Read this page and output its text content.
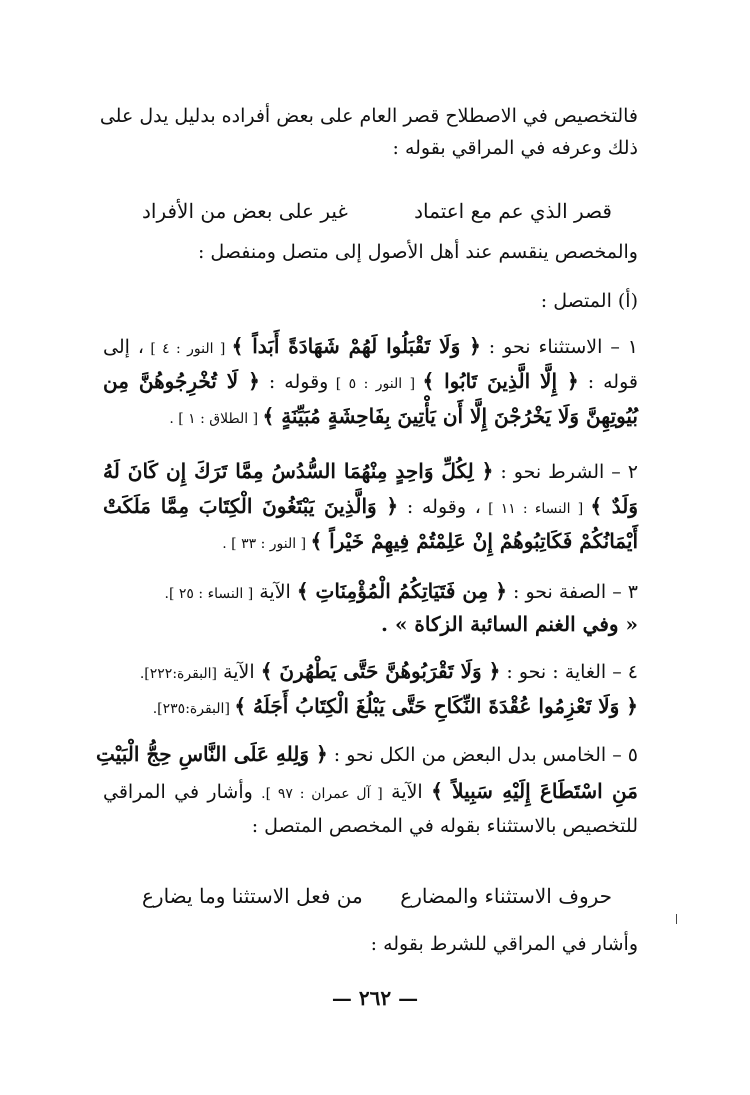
فالتخصيص في الاصطلاح قصر العام على بعض أفراده بدليل يدل على
ذلك وعرفه في المراقي بقوله :
قصر الذي عم مع اعتماد
غير على بعض من الأفراد
والمخصص ينقسم عند أهل الأصول إلى متصل ومنفصل :
(أ) المتصل :
١ – الاستثناء نحو : ﴿ وَلَا تَقْبَلُوا لَهُمْ شَهَادَةً أَبَداً ﴾ [ النور : ٤ ] ، إلى
قوله : ﴿ إِلَّا الَّذِينَ تَابُوا ﴾ [ النور : ٥ ] وقوله : ﴿ لَا تُخْرِجُوهُنَّ مِن
بُيُوتِهِنَّ وَلَا يَخْرُجْنَ إِلَّا أَن يَأْتِينَ بِفَاحِشَةٍ مُبَيِّنَةٍ ﴾ [ الطلاق : ١ ] .
٢ – الشرط نحو : ﴿ لِكُلِّ وَاحِدٍ مِنْهُمَا السُّدُسُ مِمَّا تَرَكَ إِن كَانَ لَهُ
وَلَدٌ ﴾ [ النساء : ١١ ] ، وقوله : ﴿ وَالَّذِينَ يَبْتَغُونَ الْكِتَابَ مِمَّا مَلَكَتْ
أَيْمَانُكُمْ فَكَاتِبُوهُمْ إِنْ عَلِمْتُمْ فِيهِمْ خَيْراً ﴾ [ النور : ٣٣ ] .
٣ – الصفة نحو : ﴿ مِن فَتَيَاتِكُمُ الْمُؤْمِنَاتِ ﴾ الآية [ النساء : ٢٥ ].
« وفي الغنم السائبة الزكاة » .
٤ – الغاية : نحو : ﴿ وَلَا تَقْرَبُوهُنَّ حَتَّى يَطْهُرنَ ﴾ الآية [البقرة:٢٢٢].
﴿ وَلَا تَعْزِمُوا عُقْدَةَ النِّكَاحِ حَتَّى يَبْلُغَ الْكِتَابُ أَجَلَهُ ﴾ [البقرة:٢٣٥].
٥ – الخامس بدل البعض من الكل نحو : ﴿ وَلِلهِ عَلَى النَّاسِ حِجُّ الْبَيْتِ
مَنِ اسْتَطَاعَ إِلَيْهِ سَبِيلاً ﴾ الآية [ آل عمران : ٩٧ ]. وأشار في المراقي
للتخصيص بالاستثناء بقوله في المخصص المتصل :
حروف الاستثناء والمضارع
من فعل الاستثنا وما يضارع
وأشار في المراقي للشرط بقوله :
— ٢٦٢ —
